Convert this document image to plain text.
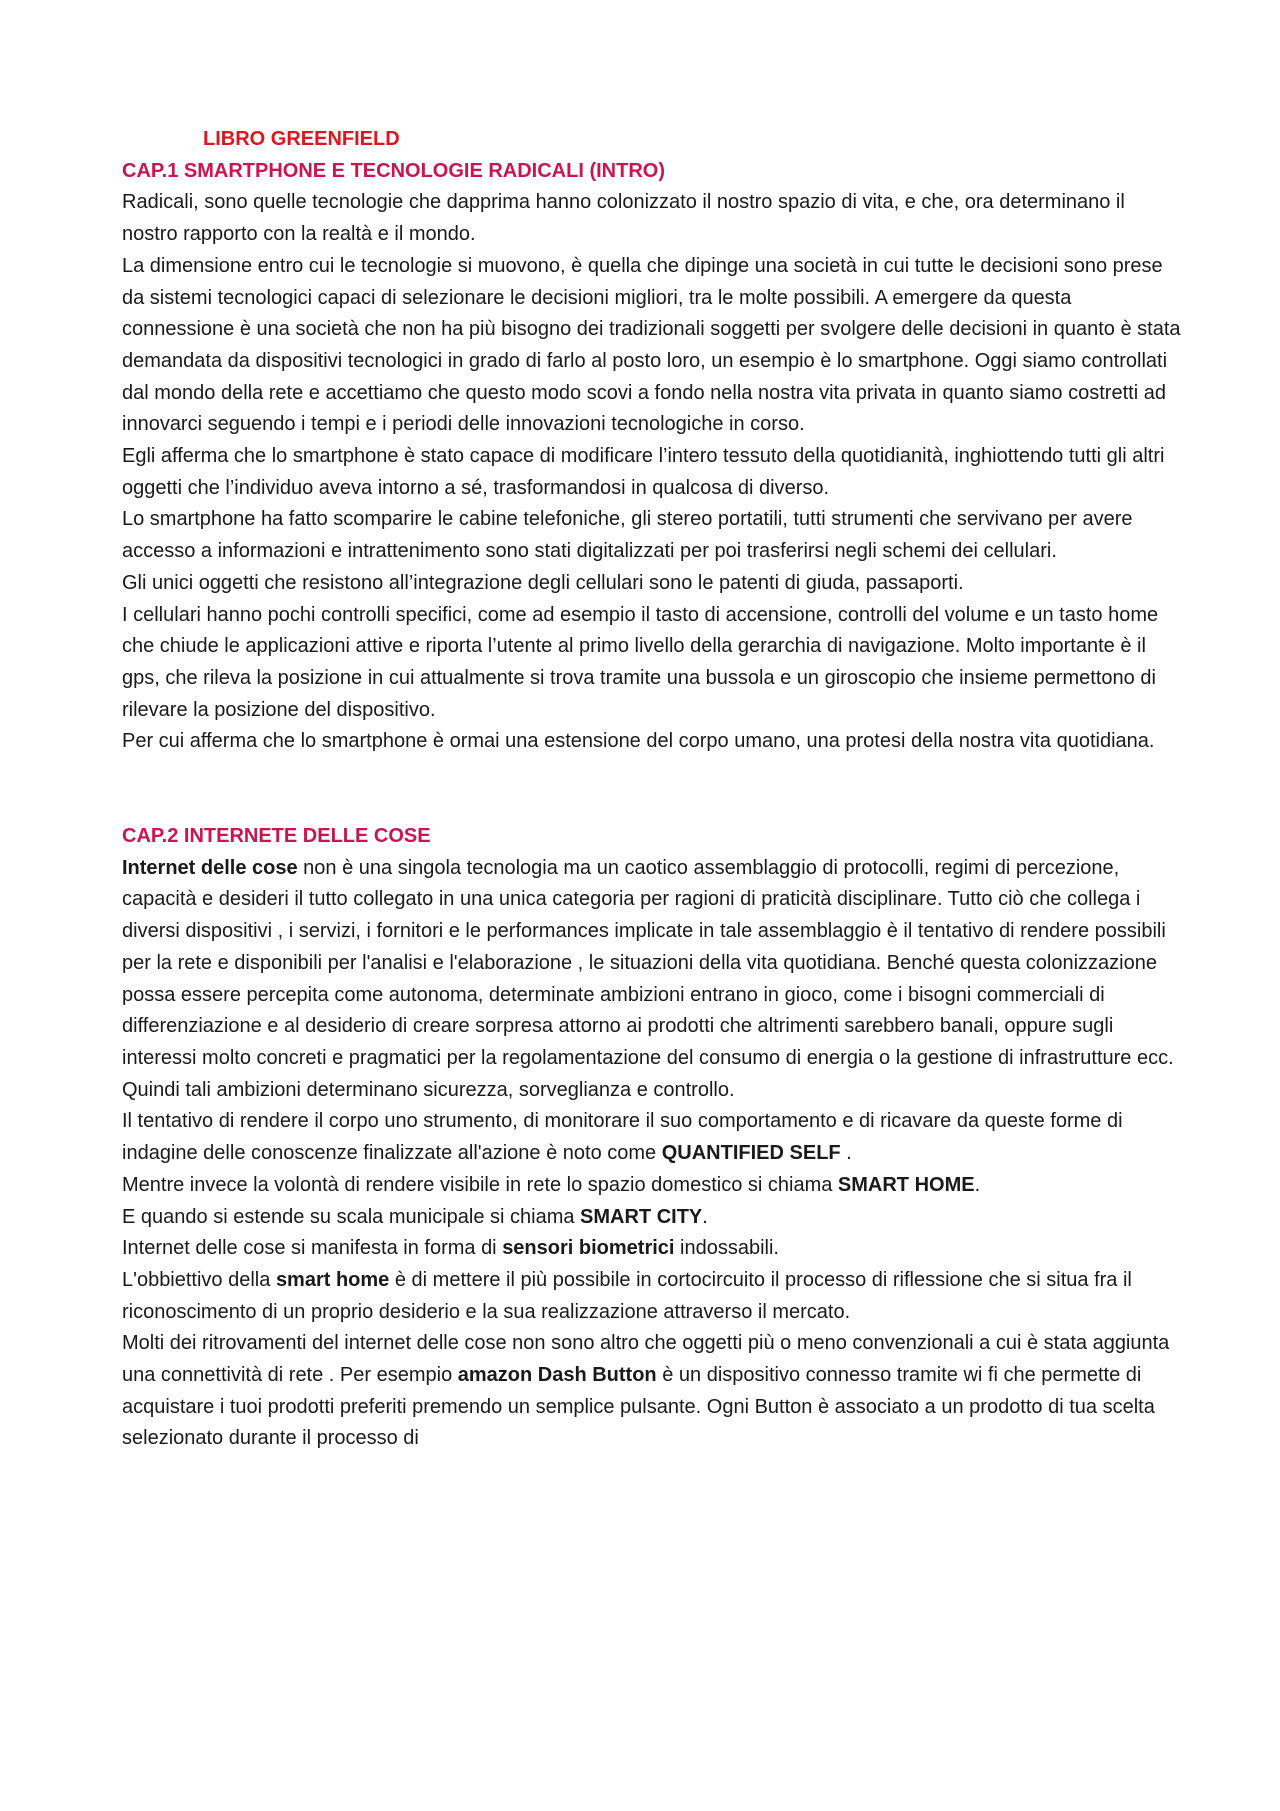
LIBRO GREENFIELD
CAP.1 SMARTPHONE E TECNOLOGIE RADICALI (INTRO)

Radicali, sono quelle tecnologie che dapprima hanno colonizzato il nostro spazio di vita, e che, ora determinano il nostro rapporto con la realtà e il mondo.

La dimensione entro cui le tecnologie si muovono, è quella che dipinge una società in cui tutte le decisioni sono prese da sistemi tecnologici capaci di selezionare le decisioni migliori, tra le molte possibili. A emergere da questa connessione è una società che non ha più bisogno dei tradizionali soggetti per svolgere delle decisioni in quanto è stata demandata da dispositivi tecnologici in grado di farlo al posto loro, un esempio è lo smartphone. Oggi siamo controllati dal mondo della rete e accettiamo che questo modo scovi a fondo nella nostra vita privata in quanto siamo costretti ad innovarci seguendo i tempi e i periodi delle innovazioni tecnologiche in corso.

Egli afferma che lo smartphone è stato capace di modificare l’intero tessuto della quotidianità, inghiottendo tutti gli altri oggetti che l’individuo aveva intorno a sé, trasformandosi in qualcosa di diverso.

Lo smartphone ha fatto scomparire le cabine telefoniche, gli stereo portatili, tutti strumenti che servivano per avere accesso a informazioni e intrattenimento sono stati digitalizzati per poi trasferirsi negli schemi dei cellulari.

Gli unici oggetti che resistono all’integrazione degli cellulari sono le patenti di giuda, passaporti.

I cellulari hanno pochi controlli specifici, come ad esempio il tasto di accensione, controlli del volume e un tasto home che chiude le applicazioni attive e riporta l’utente al primo livello della gerarchia di navigazione. Molto importante è il gps, che rileva la posizione in cui attualmente si trova tramite una bussola e un giroscopio che insieme permettono di rilevare la posizione del dispositivo.

Per cui afferma che lo smartphone è ormai una estensione del corpo umano, una protesi della nostra vita quotidiana.

CAP.2 INTERNETE DELLE COSE

Internet delle cose non è una singola tecnologia ma un caotico assemblaggio di protocolli, regimi di percezione, capacità e desideri il tutto collegato in una unica categoria per ragioni di praticità disciplinare. Tutto ciò che collega i diversi dispositivi , i servizi, i fornitori e le performances implicate in tale assemblaggio è il tentativo di rendere possibili per la rete e disponibili per l'analisi e l'elaborazione , le situazioni della vita quotidiana. Benché questa colonizzazione possa essere percepita come autonoma, determinate ambizioni entrano in gioco, come i bisogni commerciali di differenziazione e al desiderio di creare sorpresa attorno ai prodotti che altrimenti sarebbero banali, oppure sugli interessi molto concreti e pragmatici per la regolamentazione del consumo di energia o la gestione di infrastrutture ecc. Quindi tali ambizioni determinano sicurezza, sorveglianza e controllo.

Il tentativo di rendere il corpo uno strumento, di monitorare il suo comportamento e di ricavare da queste forme di indagine delle conoscenze finalizzate all'azione è noto come QUANTIFIED SELF .

Mentre invece la volontà di rendere visibile in rete lo spazio domestico si chiama SMART HOME.

E quando si estende su scala municipale si chiama SMART CITY.

Internet delle cose si manifesta in forma di sensori biometrici indossabili.

L'obbiettivo della smart home è di mettere il più possibile in cortocircuito il processo di riflessione che si situa fra il riconoscimento di un proprio desiderio e la sua realizzazione attraverso il mercato.

Molti dei ritrovamenti del internet delle cose non sono altro che oggetti più o meno convenzionali a cui è stata aggiunta una connettività di rete . Per esempio amazon Dash Button è un dispositivo connesso tramite wi fi che permette di acquistare i tuoi prodotti preferiti premendo un semplice pulsante. Ogni Button è associato a un prodotto di tua scelta selezionato durante il processo di
